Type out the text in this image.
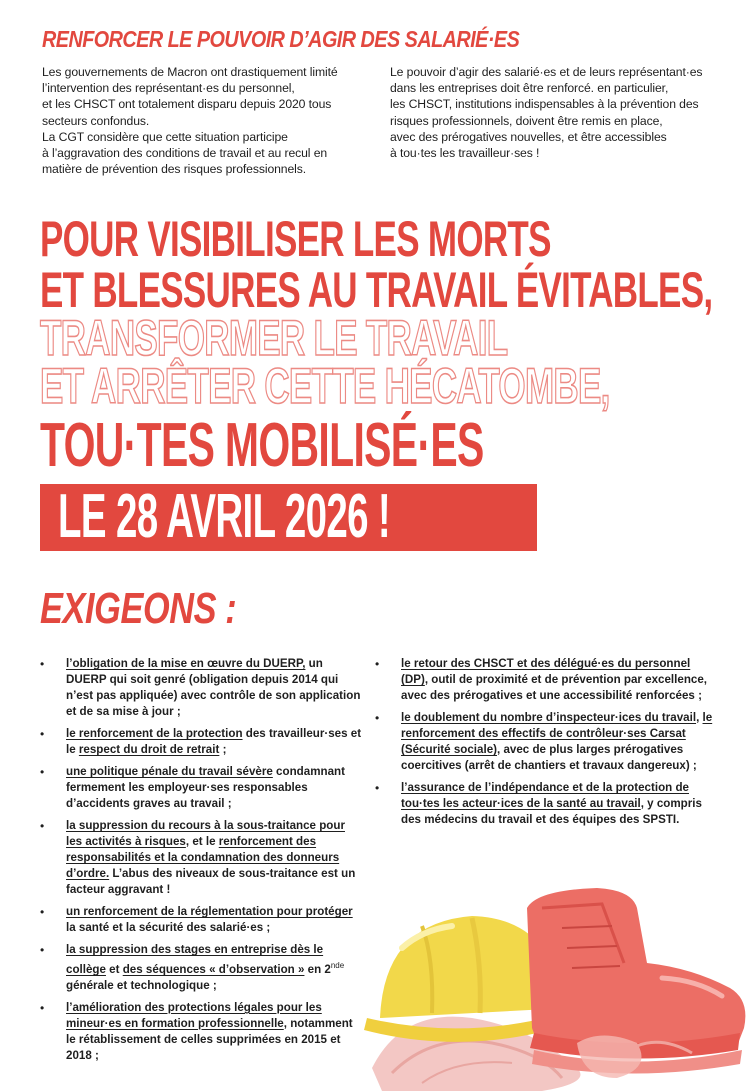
RENFORCER LE POUVOIR D’AGIR DES SALARIÉ·ES

Les gouvernements de Macron ont drastiquement limité
l’intervention des représentant·es du personnel,
et les CHSCT ont totalement disparu depuis 2020 tous
secteurs confondus.
La CGT considère que cette situation participe
à l’aggravation des conditions de travail et au recul en
matière de prévention des risques professionnels.

Le pouvoir d’agir des salarié·es et de leurs représentant·es
dans les entreprises doit être renforcé. en particulier,
les CHSCT, institutions indispensables à la prévention des
risques professionnels, doivent être remis en place,
avec des prérogatives nouvelles, et être accessibles
à tou·tes les travailleur·ses !

POUR VISIBILISER LES MORTS
ET BLESSURES AU TRAVAIL ÉVITABLES,
TRANSFORMER LE TRAVAIL
ET ARRÊTER CETTE HÉCATOMBE,
TOU·TES MOBILISÉ·ES
LE 28 AVRIL 2026 !
EXIGEONS :
•	l’obligation de la mise en œuvre du DUERP, un DUERP qui soit genré (obligation depuis 2014 qui n’est pas appliquée) avec contrôle de son application et de sa mise à jour ;
•	le renforcement de la protection des travailleur·ses et le respect du droit de retrait ;
•	une politique pénale du travail sévère condamnant fermement les employeur·ses responsables d’accidents graves au travail ;
•	la suppression du recours à la sous-traitance pour les activités à risques, et le renforcement des responsabilités et la condamnation des donneurs d’ordre. L’abus des niveaux de sous-traitance est un facteur aggravant !
•	un renforcement de la réglementation pour protéger la santé et la sécurité des salarié·es ;
•	la suppression des stages en entreprise dès le collège et des séquences « d’observation » en 2nde générale et technologique ;
•	l’amélioration des protections légales pour les mineur·es en formation professionnelle, notamment le rétablissement de celles supprimées en 2015 et 2018 ;
•	le retour des CHSCT et des délégué·es du personnel (DP), outil de proximité et de prévention par excellence, avec des prérogatives et une accessibilité renforcées ;
•	le doublement du nombre d’inspecteur·ices du travail, le renforcement des effectifs de contrôleur·ses Carsat (Sécurité sociale), avec de plus larges prérogatives coercitives (arrêt de chantiers et travaux dangereux) ;
•	l’assurance de l’indépendance et de la protection de tou·tes les acteur·ices de la santé au travail, y compris des médecins du travail et des équipes des SPSTI.
